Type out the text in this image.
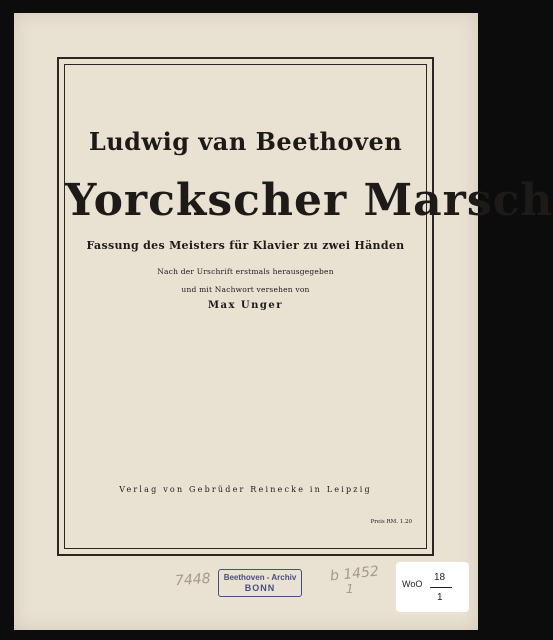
Ludwig van Beethoven
Yorckscher Marsch
Fassung des Meisters für Klavier zu zwei Händen
Nach der Urschrift erstmals herausgegeben
und mit Nachwort versehen von
Max Unger
Verlag von Gebrüder Reinecke in Leipzig
Preis RM. 1.20
7448	b 1452
1
Beethoven - Archiv
BONN	WoO
18
1
